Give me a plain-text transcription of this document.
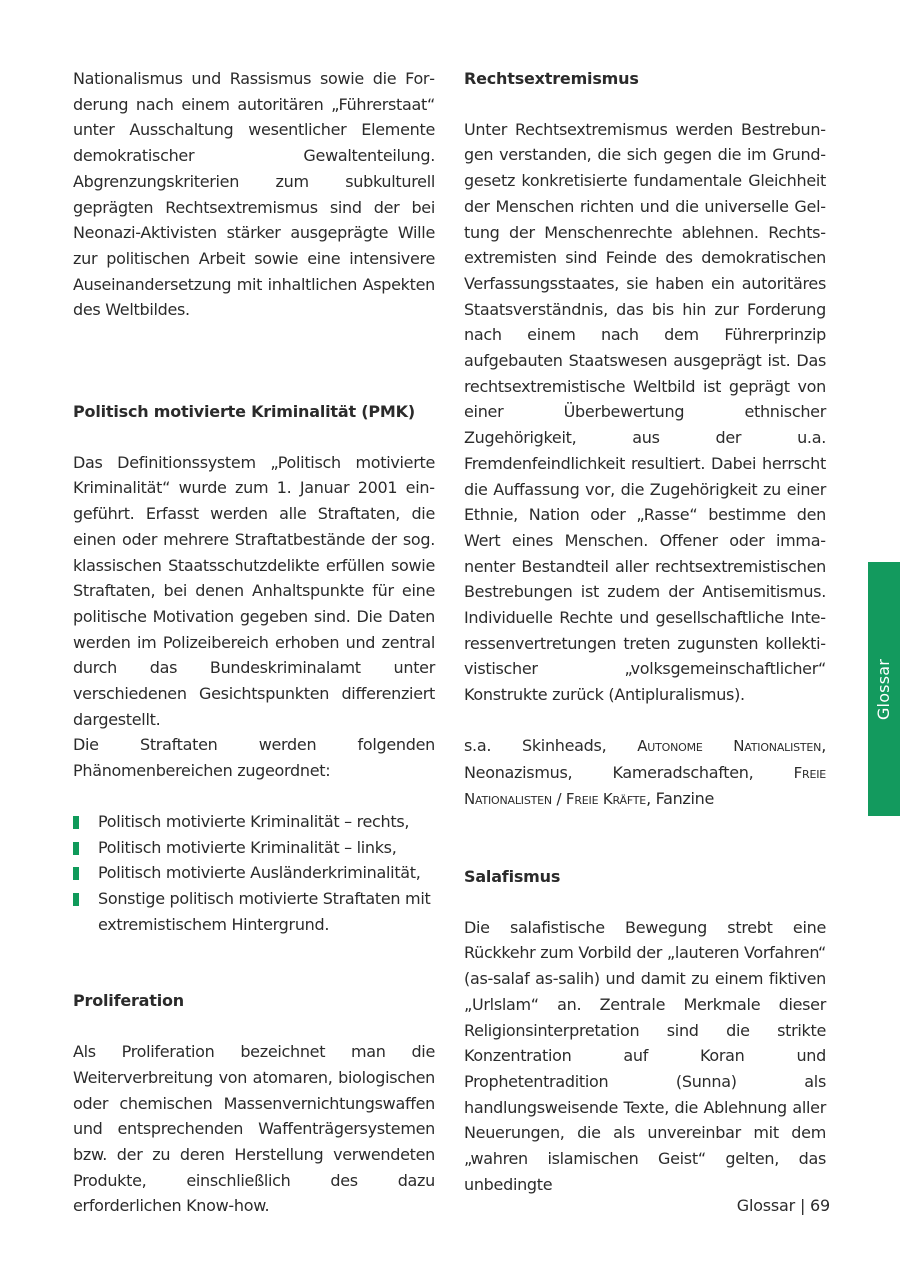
Nationalismus und Rassismus sowie die Forderung nach einem autoritären „Führerstaat“ unter Ausschaltung wesentlicher Elemente demokratischer Gewaltenteilung. Abgrenzungskriterien zum subkulturell geprägten Rechtsextremismus sind der bei Neonazi-Aktivisten stärker ausgeprägte Wille zur politischen Arbeit sowie eine intensivere Auseinandersetzung mit inhaltlichen Aspekten des Weltbildes.

Politisch motivierte Kriminalität (PMK)

Das Definitionssystem „Politisch motivierte Kriminalität“ wurde zum 1. Januar 2001 eingeführt. Erfasst werden alle Straftaten, die einen oder mehrere Straftatbestände der sog. klassischen Staatsschutzdelikte erfüllen sowie Straftaten, bei denen Anhaltspunkte für eine politische Motivation gegeben sind. Die Daten werden im Polizeibereich erhoben und zentral durch das Bundeskriminalamt unter verschiedenen Gesichtspunkten differenziert dargestellt.

Die Straftaten werden folgenden Phänomenbereichen zugeordnet:

Politisch motivierte Kriminalität – rechts,
Politisch motivierte Kriminalität – links,
Politisch motivierte Ausländerkriminalität,
Sonstige politisch motivierte Straftaten mit extremistischem Hintergrund.
Proliferation

Als Proliferation bezeichnet man die Weiterverbreitung von atomaren, biologischen oder chemischen Massenvernichtungswaffen und entsprechenden Waffenträgersystemen bzw. der zu deren Herstellung verwendeten Produkte, einschließlich des dazu erforderlichen Know-how.

Rechtsextremismus

Unter Rechtsextremismus werden Bestrebungen verstanden, die sich gegen die im Grundgesetz konkretisierte fundamentale Gleichheit der Menschen richten und die universelle Geltung der Menschenrechte ablehnen. Rechtsextremisten sind Feinde des demokratischen Verfassungsstaates, sie haben ein autoritäres Staatsverständnis, das bis hin zur Forderung nach einem nach dem Führerprinzip aufgebauten Staatswesen ausgeprägt ist. Das rechtsextremistische Weltbild ist geprägt von einer Überbewertung ethnischer Zugehörigkeit, aus der u.a. Fremdenfeindlichkeit resultiert. Dabei herrscht die Auffassung vor, die Zugehörigkeit zu einer Ethnie, Nation oder „Rasse“ bestimme den Wert eines Menschen. Offener oder immanenter Bestandteil aller rechtsextremistischen Bestrebungen ist zudem der Antisemitismus. Individuelle Rechte und gesellschaftliche Interessenvertretungen treten zugunsten kollektivistischer „volksgemeinschaftlicher“ Konstrukte zurück (Antipluralismus).

s.a. Skinheads, Autonome Nationalisten, Neonazismus, Kameradschaften, Freie Nationalisten / Freie Kräfte, Fanzine

Salafismus

Die salafistische Bewegung strebt eine Rückkehr zum Vorbild der „lauteren Vorfahren“ (as-salaf as-salih) und damit zu einem fiktiven „Urlslam“ an. Zentrale Merkmale dieser Religionsinterpretation sind die strikte Konzentration auf Koran und Prophetentradition (Sunna) als handlungsweisende Texte, die Ablehnung aller Neuerungen, die als unvereinbar mit dem „wahren islamischen Geist“ gelten, das unbedingte

Glossar
Glossar | 69
